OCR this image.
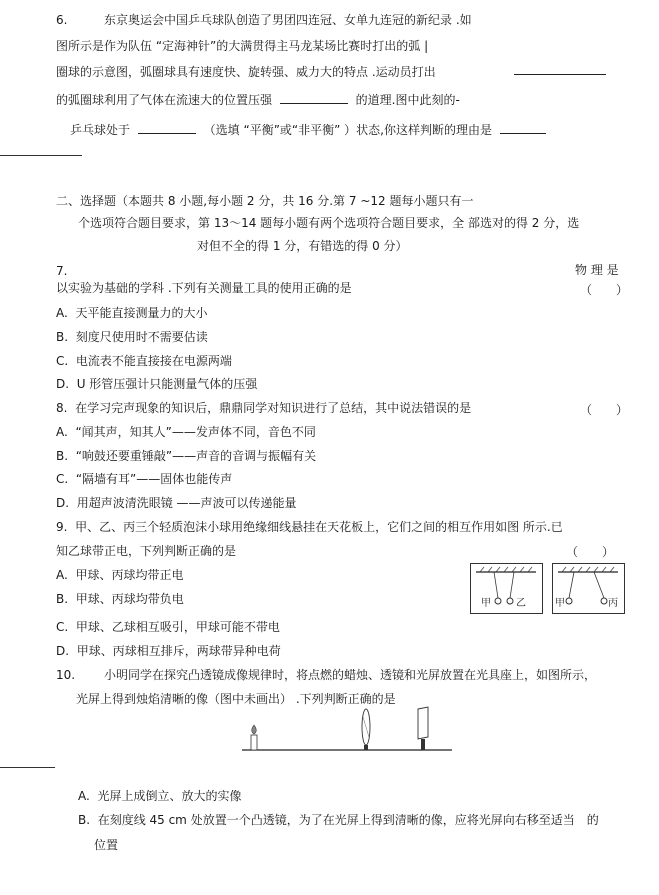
6.	东京奥运会中国乒乓球队创造了男团四连冠、女单九连冠的新纪录 .如
图所示是作为队伍 “定海神针”的大满贯得主马龙某场比赛时打出的弧 |
圈球的示意图，弧圈球具有速度快、旋转强、威力大的特点 .运动员打出
的弧圈球利用了气体在流速大的位置压强	的道理.图中此刻的-
乒乓球处于	（选填 “平衡”或“非平衡” ）状态,你这样判断的理由是
二、选择题（本题共 8 小题,每小题 2 分，共 16 分.第 7 ~12 题每小题只有一
个选项符合题目要求，第 13～14 题每小题有两个选项符合题目要求，全 部选对的得 2 分，选
对但不全的得 1 分，有错选的得 0 分）
7.	物 理 是
以实验为基础的学科 .下列有关测量工具的使用正确的是	（　　）
A. 天平能直接测量力的大小
B. 刻度尺使用时不需要估读
C. 电流表不能直接接在电源两端
D. U 形管压强计只能测量气体的压强
8. 在学习完声现象的知识后，鼎鼎同学对知识进行了总结，其中说法错误的是	（　　）
A. “闻其声，知其人”——发声体不同，音色不同
B. “响鼓还要重锤敲”——声音的音调与振幅有关
C. “隔墙有耳”——固体也能传声
D. 用超声波清洗眼镜 ——声波可以传递能量
9. 甲、乙、丙三个轻质泡沫小球用绝缘细线悬挂在天花板上，它们之间的相互作用如图 所示.已
知乙球带正电，下列判断正确的是	（　　）
A. 甲球、丙球均带正电
B. 甲球、丙球均带负电
C. 甲球、乙球相互吸引，甲球可能不带电
D. 甲球、丙球相互排斥，两球带异种电荷
甲	乙	甲	丙
10. 小明同学在探究凸透镜成像规律时，将点燃的蜡烛、透镜和光屏放置在光具座上，如图所示，
光屏上得到烛焰清晰的像（图中未画出） .下列判断正确的是
A. 光屏上成倒立、放大的实像
B. 在刻度线 45 cm 处放置一个凸透镜，为了在光屏上得到清晰的像，应将光屏向右移至适当　的
位置
